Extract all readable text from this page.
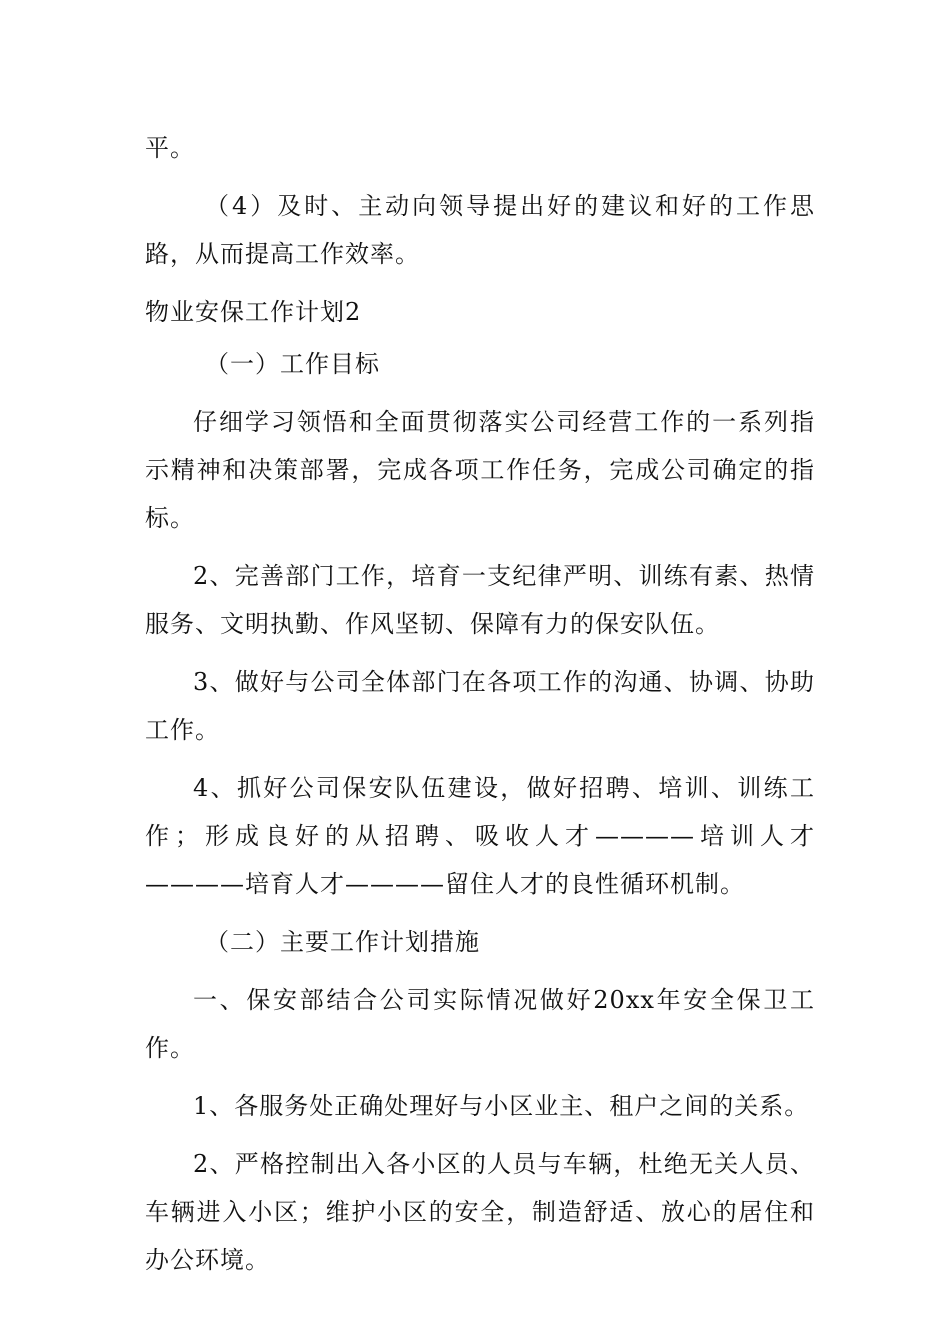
平。

（4）及时、主动向领导提出好的建议和好的工作思路，从而提高工作效率。

物业安保工作计划2

（一）工作目标

仔细学习领悟和全面贯彻落实公司经营工作的一系列指示精神和决策部署，完成各项工作任务，完成公司确定的指标。

2、完善部门工作，培育一支纪律严明、训练有素、热情服务、文明执勤、作风坚韧、保障有力的保安队伍。

3、做好与公司全体部门在各项工作的沟通、协调、协助工作。

4、抓好公司保安队伍建设，做好招聘、培训、训练工作；形成良好的从招聘、吸收人才————培训人才————培育人才————留住人才的良性循环机制。

（二）主要工作计划措施

一、保安部结合公司实际情况做好20xx年安全保卫工作。

1、各服务处正确处理好与小区业主、租户之间的关系。

2、严格控制出入各小区的人员与车辆，杜绝无关人员、车辆进入小区；维护小区的安全，制造舒适、放心的居住和办公环境。
